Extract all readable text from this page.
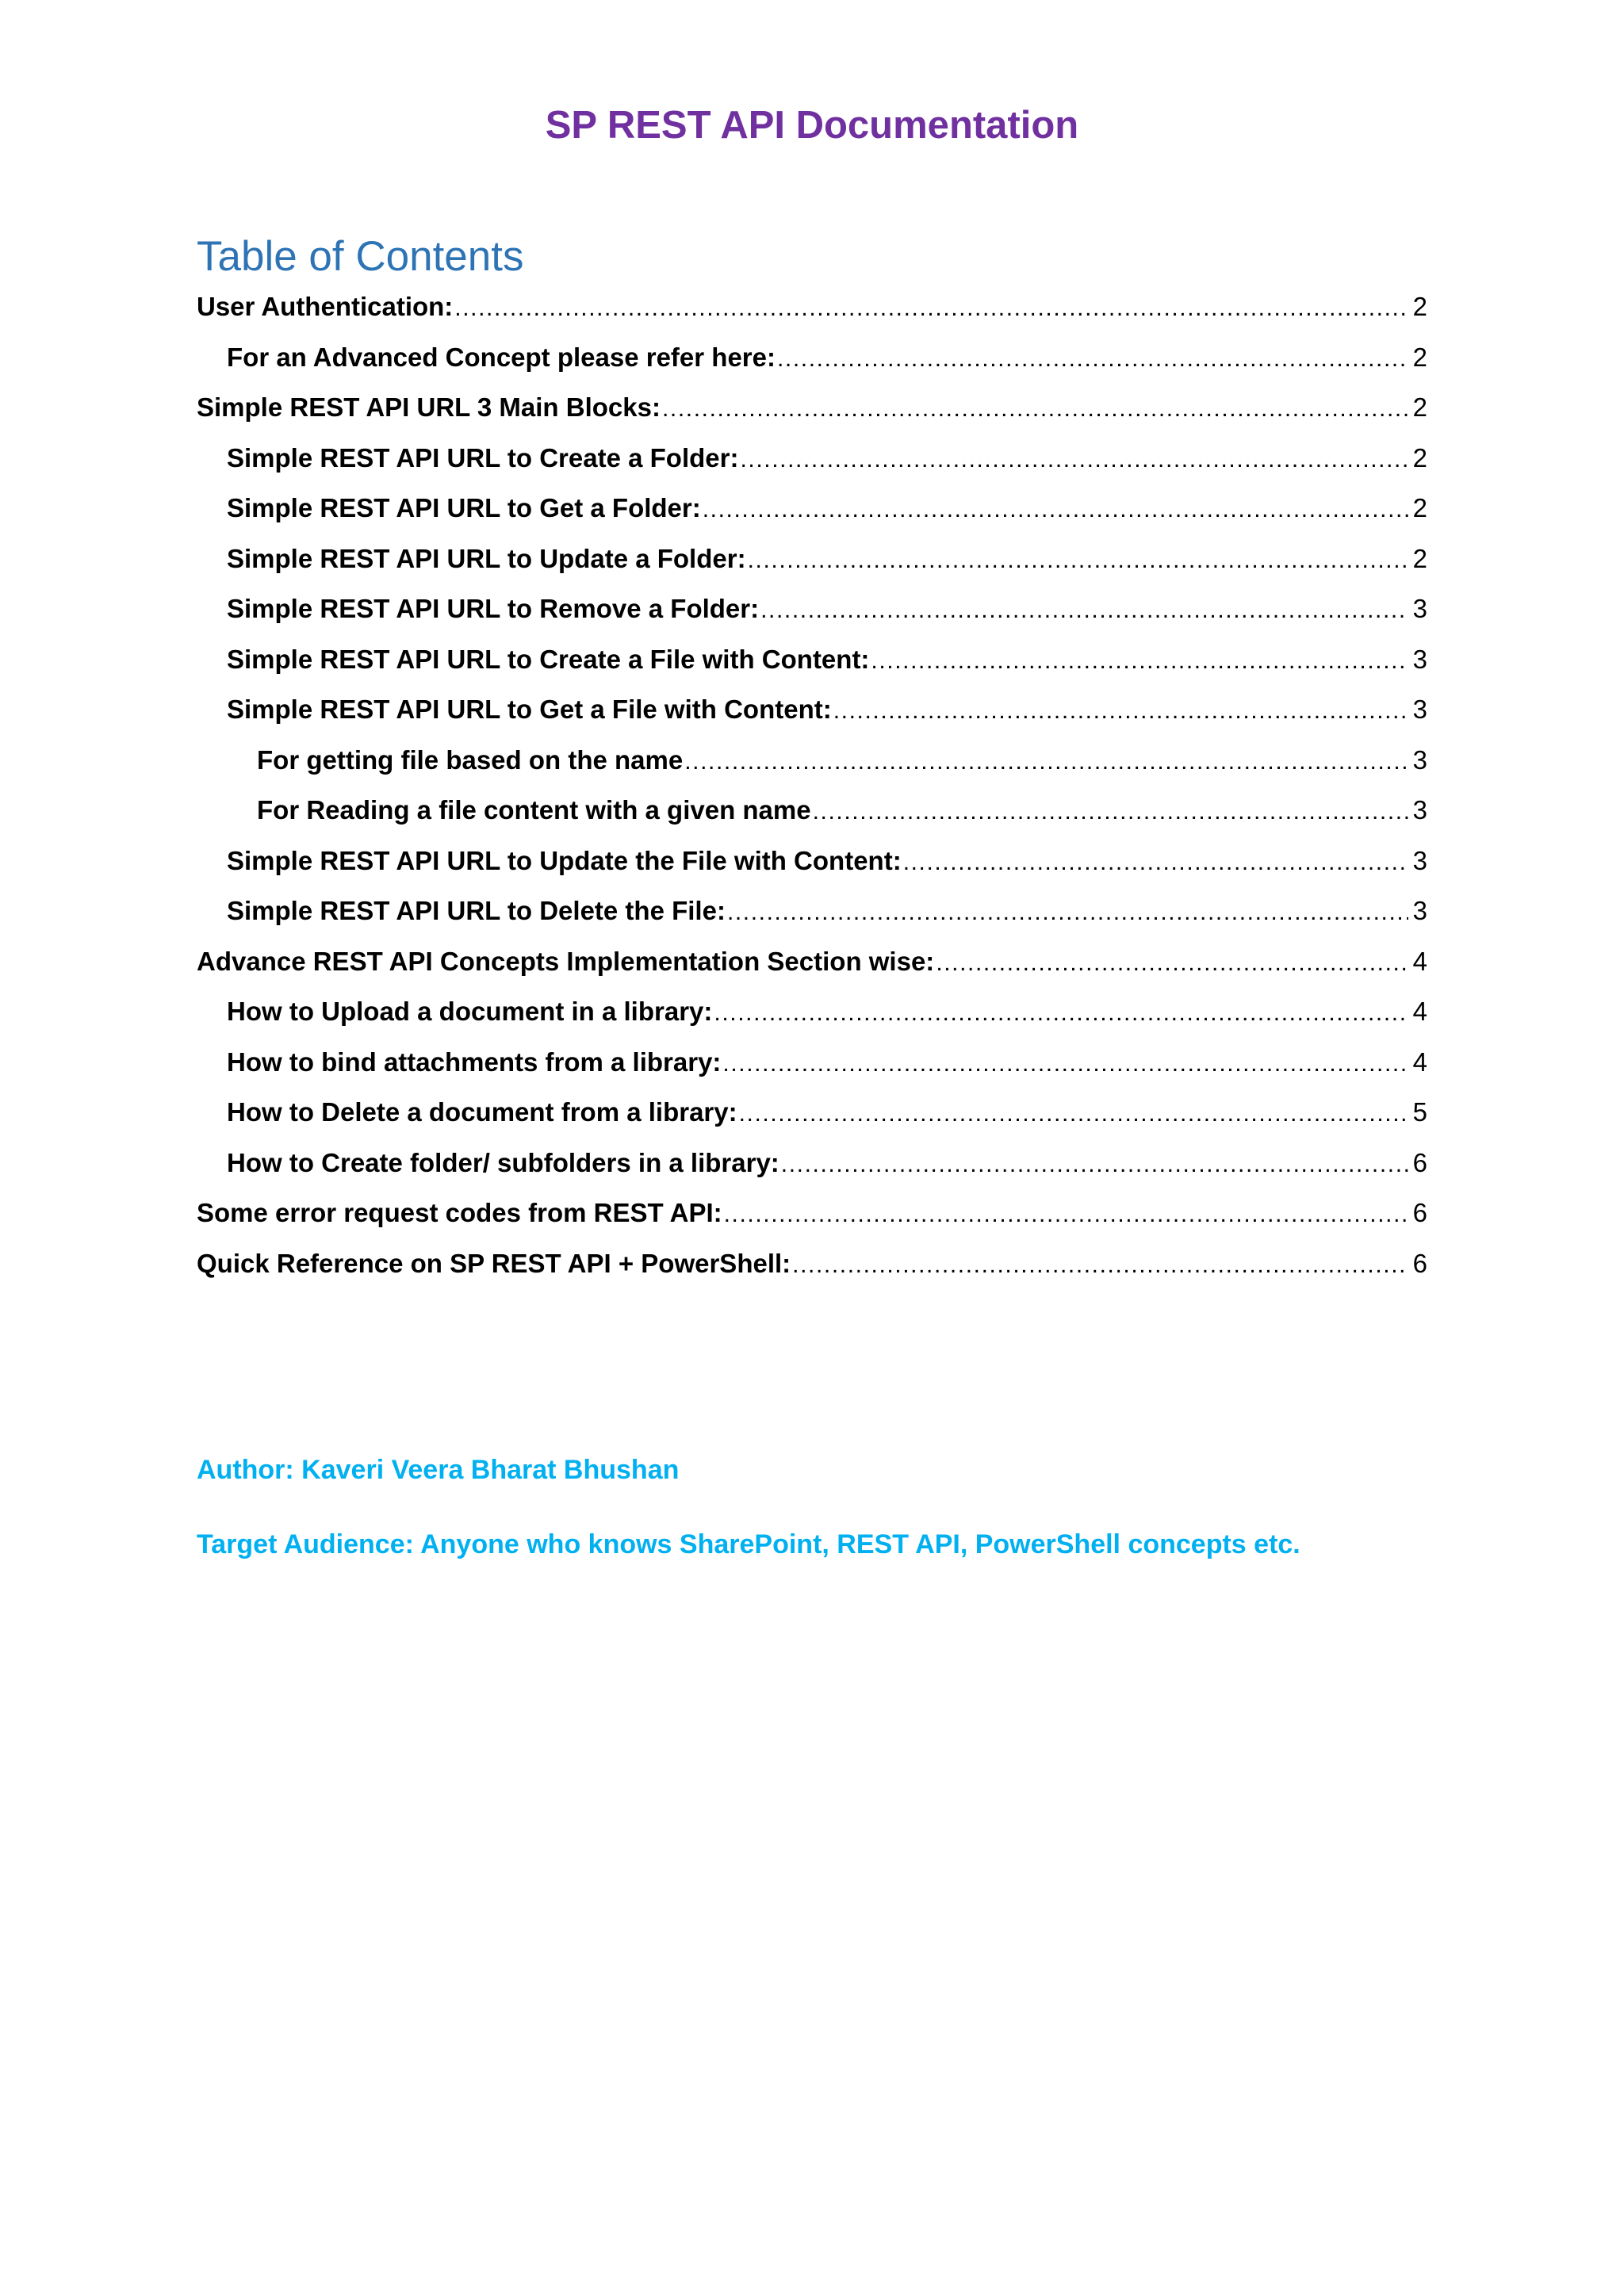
SP REST API Documentation
Table of Contents
User Authentication: .....	2
For an Advanced Concept please refer here: .....	2
Simple REST API URL 3 Main Blocks: .....	2
Simple REST API URL to Create a Folder: .....	2
Simple REST API URL to Get a Folder: .....	2
Simple REST API URL to Update a Folder: .....	2
Simple REST API URL to Remove a Folder: .....	3
Simple REST API URL to Create a File with Content: .....	3
Simple REST API URL to Get a File with Content: .....	3
For getting file based on the name .....	3
For Reading a file content with a given name .....	3
Simple REST API URL to Update the File with Content: .....	3
Simple REST API URL to Delete the File: .....	3
Advance REST API Concepts Implementation Section wise: .....	4
How to Upload a document in a library: .....	4
How to bind attachments from a library: .....	4
How to Delete a document from a library: .....	5
How to Create folder/ subfolders in a library: .....	6
Some error request codes from REST API: .....	6
Quick Reference on SP REST API + PowerShell: .....	6
Author: Kaveri Veera Bharat Bhushan
Target Audience: Anyone who knows SharePoint, REST API, PowerShell concepts etc.
